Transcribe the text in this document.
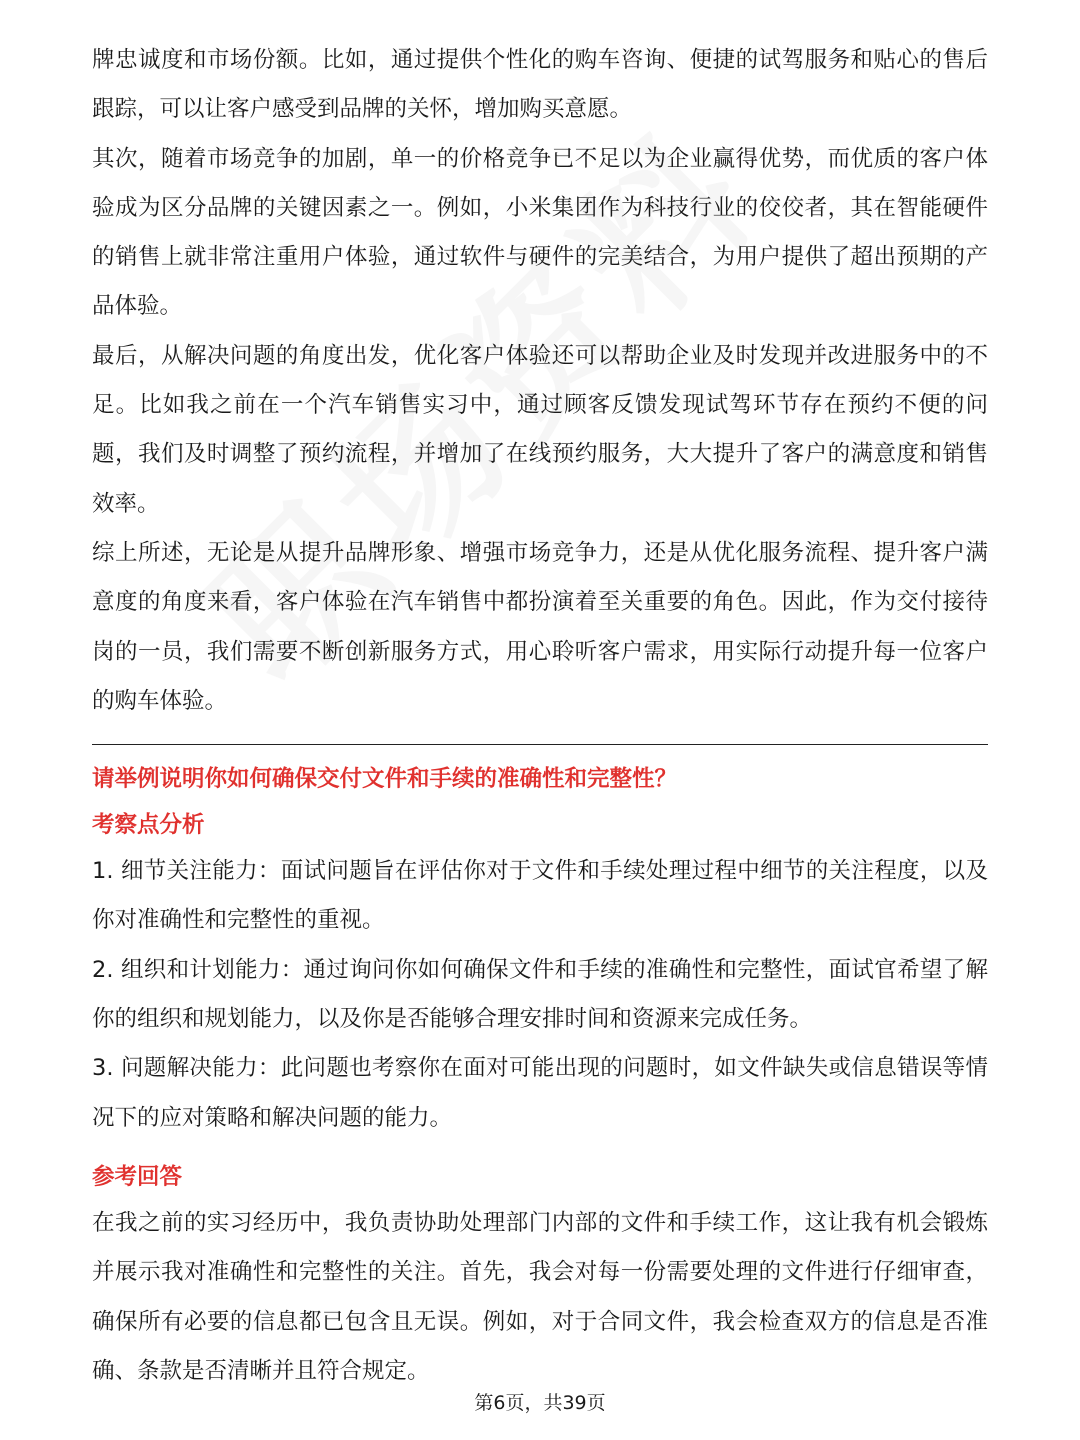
牌忠诚度和市场份额。比如，通过提供个性化的购车咨询、便捷的试驾服务和贴心的售后跟踪，可以让客户感受到品牌的关怀，增加购买意愿。

其次，随着市场竞争的加剧，单一的价格竞争已不足以为企业赢得优势，而优质的客户体验成为区分品牌的关键因素之一。例如，小米集团作为科技行业的佼佼者，其在智能硬件的销售上就非常注重用户体验，通过软件与硬件的完美结合，为用户提供了超出预期的产品体验。

最后，从解决问题的角度出发，优化客户体验还可以帮助企业及时发现并改进服务中的不足。比如我之前在一个汽车销售实习中，通过顾客反馈发现试驾环节存在预约不便的问题，我们及时调整了预约流程，并增加了在线预约服务，大大提升了客户的满意度和销售效率。

综上所述，无论是从提升品牌形象、增强市场竞争力，还是从优化服务流程、提升客户满意度的角度来看，客户体验在汽车销售中都扮演着至关重要的角色。因此，作为交付接待岗的一员，我们需要不断创新服务方式，用心聆听客户需求，用实际行动提升每一位客户的购车体验。

请举例说明你如何确保交付文件和手续的准确性和完整性？

考察点分析

1. 细节关注能力：面试问题旨在评估你对于文件和手续处理过程中细节的关注程度，以及你对准确性和完整性的重视。

2. 组织和计划能力：通过询问你如何确保文件和手续的准确性和完整性，面试官希望了解你的组织和规划能力，以及你是否能够合理安排时间和资源来完成任务。

3. 问题解决能力：此问题也考察你在面对可能出现的问题时，如文件缺失或信息错误等情况下的应对策略和解决问题的能力。

参考回答

在我之前的实习经历中，我负责协助处理部门内部的文件和手续工作，这让我有机会锻炼并展示我对准确性和完整性的关注。首先，我会对每一份需要处理的文件进行仔细审查，确保所有必要的信息都已包含且无误。例如，对于合同文件，我会检查双方的信息是否准确、条款是否清晰并且符合规定。

第6页，共39页
